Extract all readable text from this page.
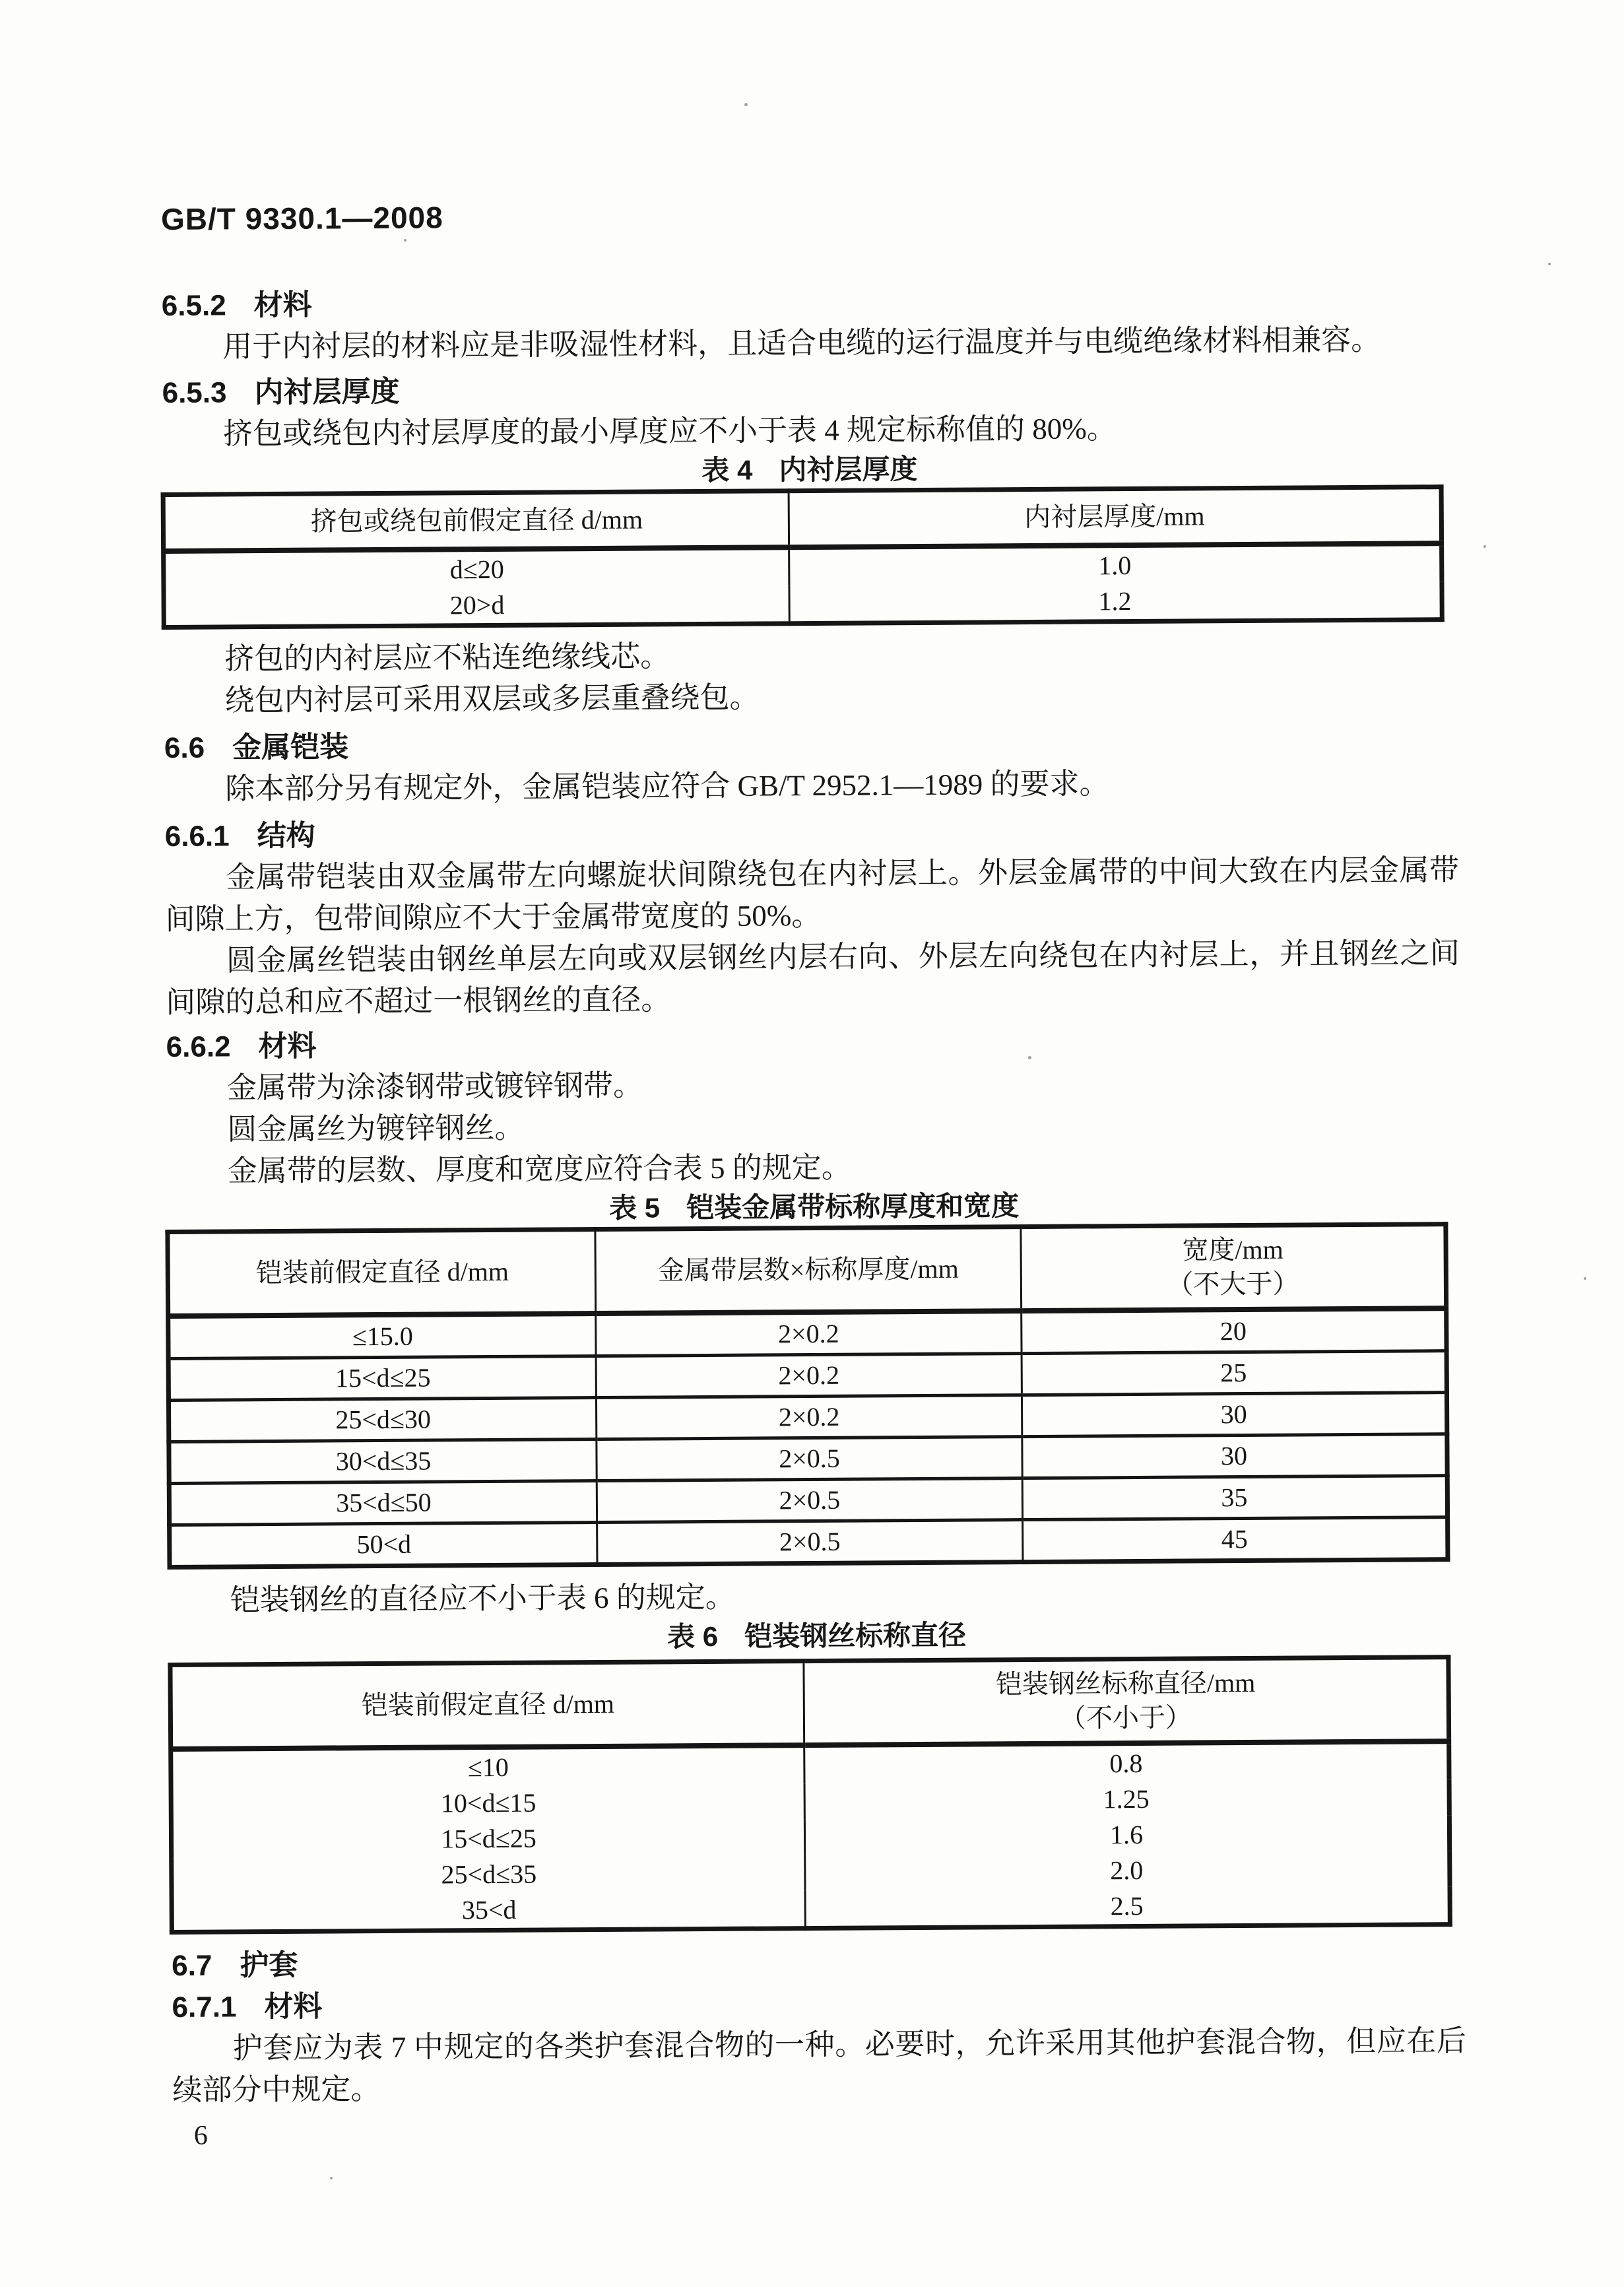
GB/T 9330.1—2008
6.5.2 材料

用于内衬层的材料应是非吸湿性材料，且适合电缆的运行温度并与电缆绝缘材料相兼容。

6.5.3 内衬层厚度

挤包或绕包内衬层厚度的最小厚度应不小于表 4 规定标称值的 80%。

表 4 内衬层厚度
挤包或绕包前假定直径 d/mm	内衬层厚度/mm
d≤20	1.0
20>d	1.2

挤包的内衬层应不粘连绝缘线芯。

绕包内衬层可采用双层或多层重叠绕包。

6.6 金属铠装

除本部分另有规定外，金属铠装应符合 GB/T 2952.1—1989 的要求。

6.6.1 结构

金属带铠装由双金属带左向螺旋状间隙绕包在内衬层上。外层金属带的中间大致在内层金属带间隙上方，包带间隙应不大于金属带宽度的 50%。

圆金属丝铠装由钢丝单层左向或双层钢丝内层右向、外层左向绕包在内衬层上，并且钢丝之间间隙的总和应不超过一根钢丝的直径。

6.6.2 材料

金属带为涂漆钢带或镀锌钢带。

圆金属丝为镀锌钢丝。

金属带的层数、厚度和宽度应符合表 5 的规定。

表 5 铠装金属带标称厚度和宽度
铠装前假定直径 d/mm	金属带层数×标称厚度/mm	宽度/mm
（不大于）

≤15.0	2×0.2	20
15<d≤25	2×0.2	25
25<d≤30	2×0.2	30
30<d≤35	2×0.5	30
35<d≤50	2×0.5	35
50<d	2×0.5	45

铠装钢丝的直径应不小于表 6 的规定。

表 6 铠装钢丝标称直径
铠装前假定直径 d/mm	铠装钢丝标称直径/mm
（不小于）

≤10	0.8
10<d≤15	1.25
15<d≤25	1.6
25<d≤35	2.0
35<d	2.5
6.7 护套
6.7.1 材料

护套应为表 7 中规定的各类护套混合物的一种。必要时，允许采用其他护套混合物，但应在后续部分中规定。

6
